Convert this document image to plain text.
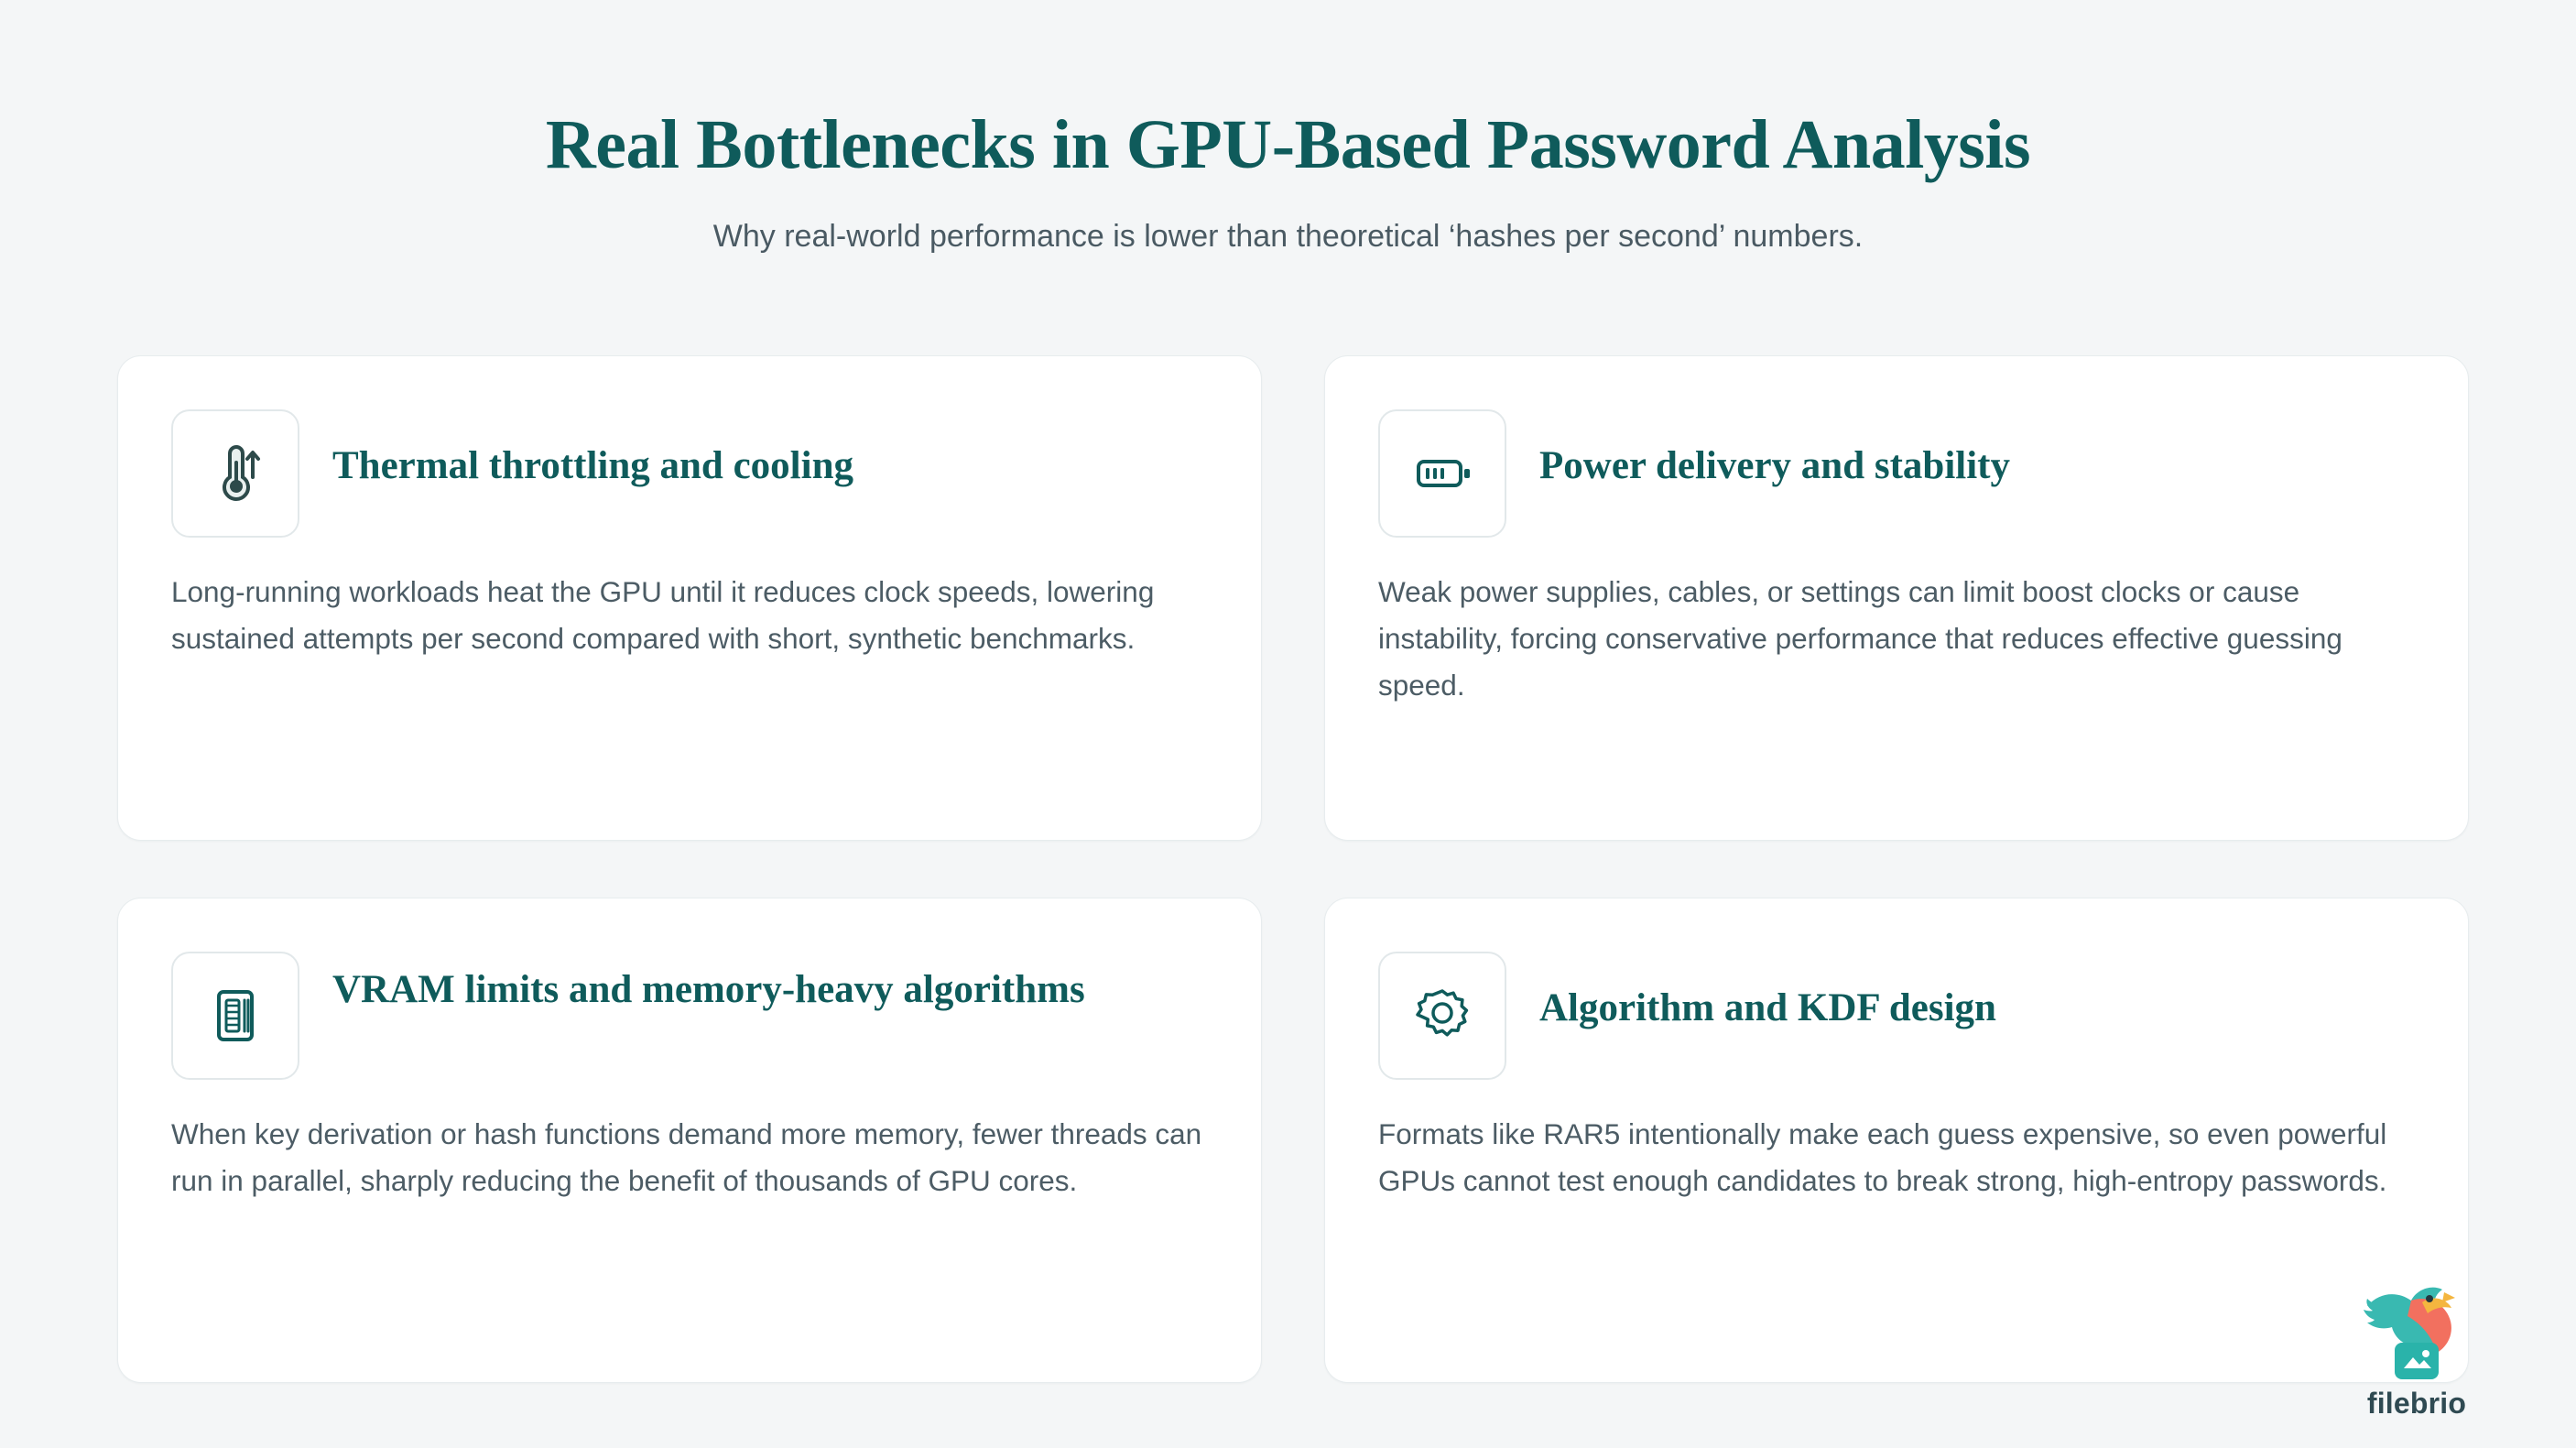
Real Bottlenecks in GPU-Based Password Analysis

Why real-world performance is lower than theoretical ‘hashes per second’ numbers.

Thermal throttling and cooling

Long-running workloads heat the GPU until it reduces clock speeds, lowering sustained attempts per second compared with short, synthetic benchmarks.

Power delivery and stability

Weak power supplies, cables, or settings can limit boost clocks or cause instability, forcing conservative performance that reduces effective guessing speed.

VRAM limits and memory-heavy algorithms

When key derivation or hash functions demand more memory, fewer threads can run in parallel, sharply reducing the benefit of thousands of GPU cores.

Algorithm and KDF design

Formats like RAR5 intentionally make each guess expensive, so even powerful GPUs cannot test enough candidates to break strong, high-entropy passwords.

filebrio
